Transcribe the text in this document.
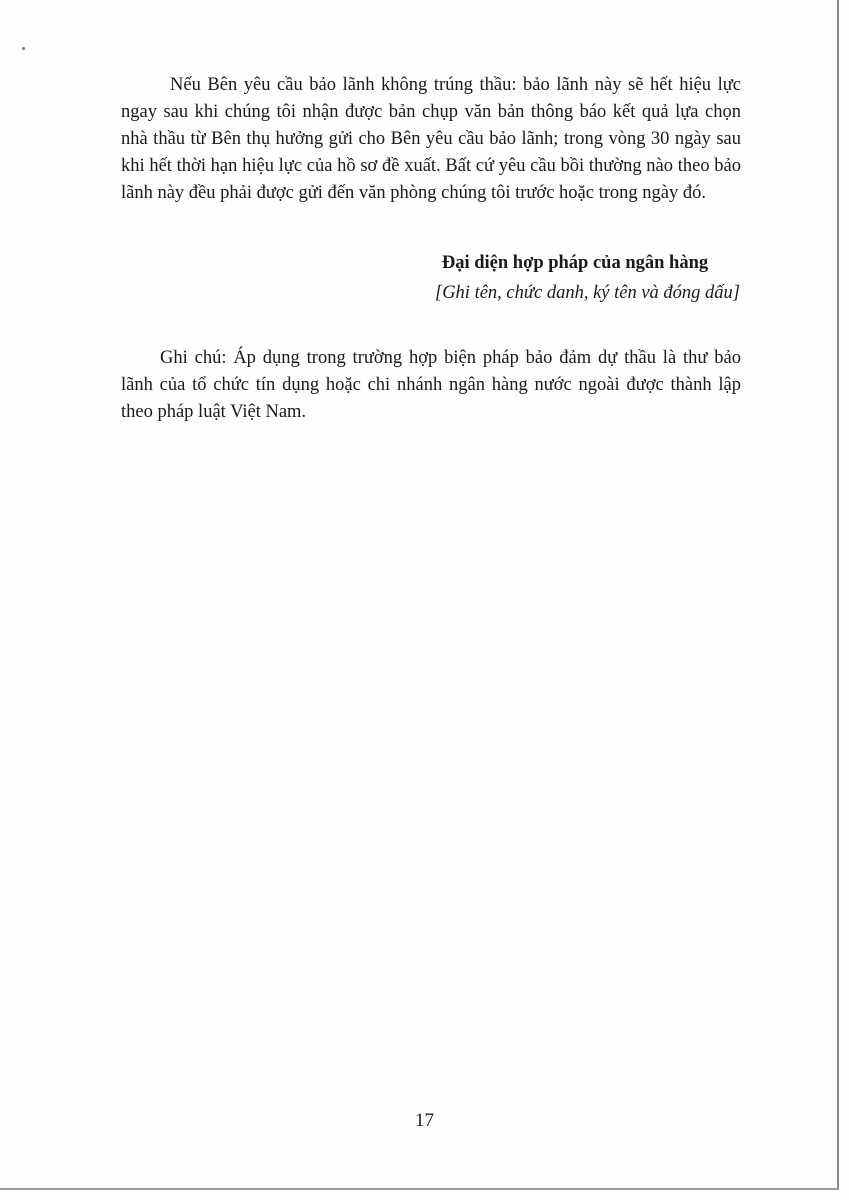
Nếu Bên yêu cầu bảo lãnh không trúng thầu: bảo lãnh này sẽ hết hiệu lực ngay sau khi chúng tôi nhận được bản chụp văn bản thông báo kết quả lựa chọn nhà thầu từ Bên thụ hưởng gửi cho Bên yêu cầu bảo lãnh; trong vòng 30 ngày sau khi hết thời hạn hiệu lực của hồ sơ đề xuất. Bất cứ yêu cầu bồi thường nào theo bảo lãnh này đều phải được gửi đến văn phòng chúng tôi trước hoặc trong ngày đó.

Đại diện hợp pháp của ngân hàng

[Ghi tên, chức danh, ký tên và đóng dấu]

Ghi chú: Áp dụng trong trường hợp biện pháp bảo đảm dự thầu là thư bảo lãnh của tổ chức tín dụng hoặc chi nhánh ngân hàng nước ngoài được thành lập theo pháp luật Việt Nam.

17
